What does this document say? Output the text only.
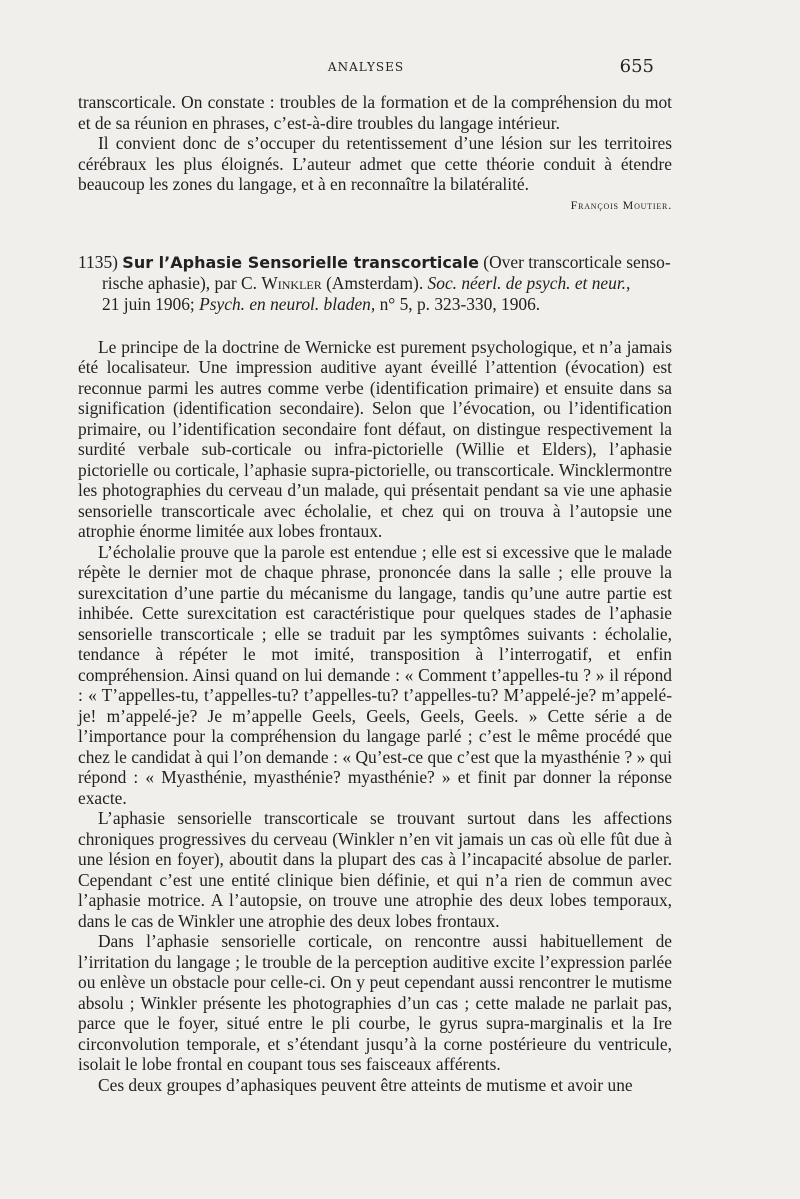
ANALYSES	655

transcorticale. On constate : troubles de la formation et de la compréhension du mot et de sa réunion en phrases, c’est-à-dire troubles du langage intérieur.

Il convient donc de s’occuper du retentissement d’une lésion sur les territoires cérébraux les plus éloignés. L’auteur admet que cette théorie conduit à étendre beaucoup les zones du langage, et à en reconnaître la bilatéralité.

François Moutier.
1135) Sur l’Aphasie Sensorielle transcorticale (Over transcorticale senso-
rische aphasie), par C. Winkler (Amsterdam). Soc. néerl. de psych. et neur.,
21 juin 1906; Psych. en neurol. bladen, n° 5, p. 323-330, 1906.

Le principe de la doctrine de Wernicke est purement psychologique, et n’a jamais été localisateur. Une impression auditive ayant éveillé l’attention (évocation) est reconnue parmi les autres comme verbe (identification primaire) et ensuite dans sa signification (identification secondaire). Selon que l’évocation, ou l’identification primaire, ou l’identification secondaire font défaut, on distingue respectivement la surdité verbale sub-corticale ou infra-pictorielle (Willie et Elders), l’aphasie pictorielle ou corticale, l’aphasie supra-pictorielle, ou transcorticale. Wincklermontre les photographies du cerveau d’un malade, qui présentait pendant sa vie une aphasie sensorielle transcorticale avec écholalie, et chez qui on trouva à l’autopsie une atrophie énorme limitée aux lobes frontaux.

L’écholalie prouve que la parole est entendue ; elle est si excessive que le malade répète le dernier mot de chaque phrase, prononcée dans la salle ; elle prouve la surexcitation d’une partie du mécanisme du langage, tandis qu’une autre partie est inhibée. Cette surexcitation est caractéristique pour quelques stades de l’aphasie sensorielle transcorticale ; elle se traduit par les symptômes suivants : écholalie, tendance à répéter le mot imité, transposition à l’interrogatif, et enfin compréhension. Ainsi quand on lui demande : « Comment t’appelles-tu ? » il répond : « T’appelles-tu, t’appelles-tu? t’appelles-tu? t’appelles-tu? M’appelé-je? m’appelé-je! m’appelé-je? Je m’appelle Geels, Geels, Geels, Geels. » Cette série a de l’importance pour la compréhension du langage parlé ; c’est le même procédé que chez le candidat à qui l’on demande : « Qu’est-ce que c’est que la myasthénie ? » qui répond : « Myasthénie, myasthénie? myasthénie? » et finit par donner la réponse exacte.

L’aphasie sensorielle transcorticale se trouvant surtout dans les affections chroniques progressives du cerveau (Winkler n’en vit jamais un cas où elle fût due à une lésion en foyer), aboutit dans la plupart des cas à l’incapacité absolue de parler. Cependant c’est une entité clinique bien définie, et qui n’a rien de commun avec l’aphasie motrice. A l’autopsie, on trouve une atrophie des deux lobes temporaux, dans le cas de Winkler une atrophie des deux lobes frontaux.

Dans l’aphasie sensorielle corticale, on rencontre aussi habituellement de l’irritation du langage ; le trouble de la perception auditive excite l’expression parlée ou enlève un obstacle pour celle-ci. On y peut cependant aussi rencontrer le mutisme absolu ; Winkler présente les photographies d’un cas ; cette malade ne parlait pas, parce que le foyer, situé entre le pli courbe, le gyrus supra-marginalis et la Ire circonvolution temporale, et s’étendant jusqu’à la corne postérieure du ventricule, isolait le lobe frontal en coupant tous ses faisceaux afférents.

Ces deux groupes d’aphasiques peuvent être atteints de mutisme et avoir une
